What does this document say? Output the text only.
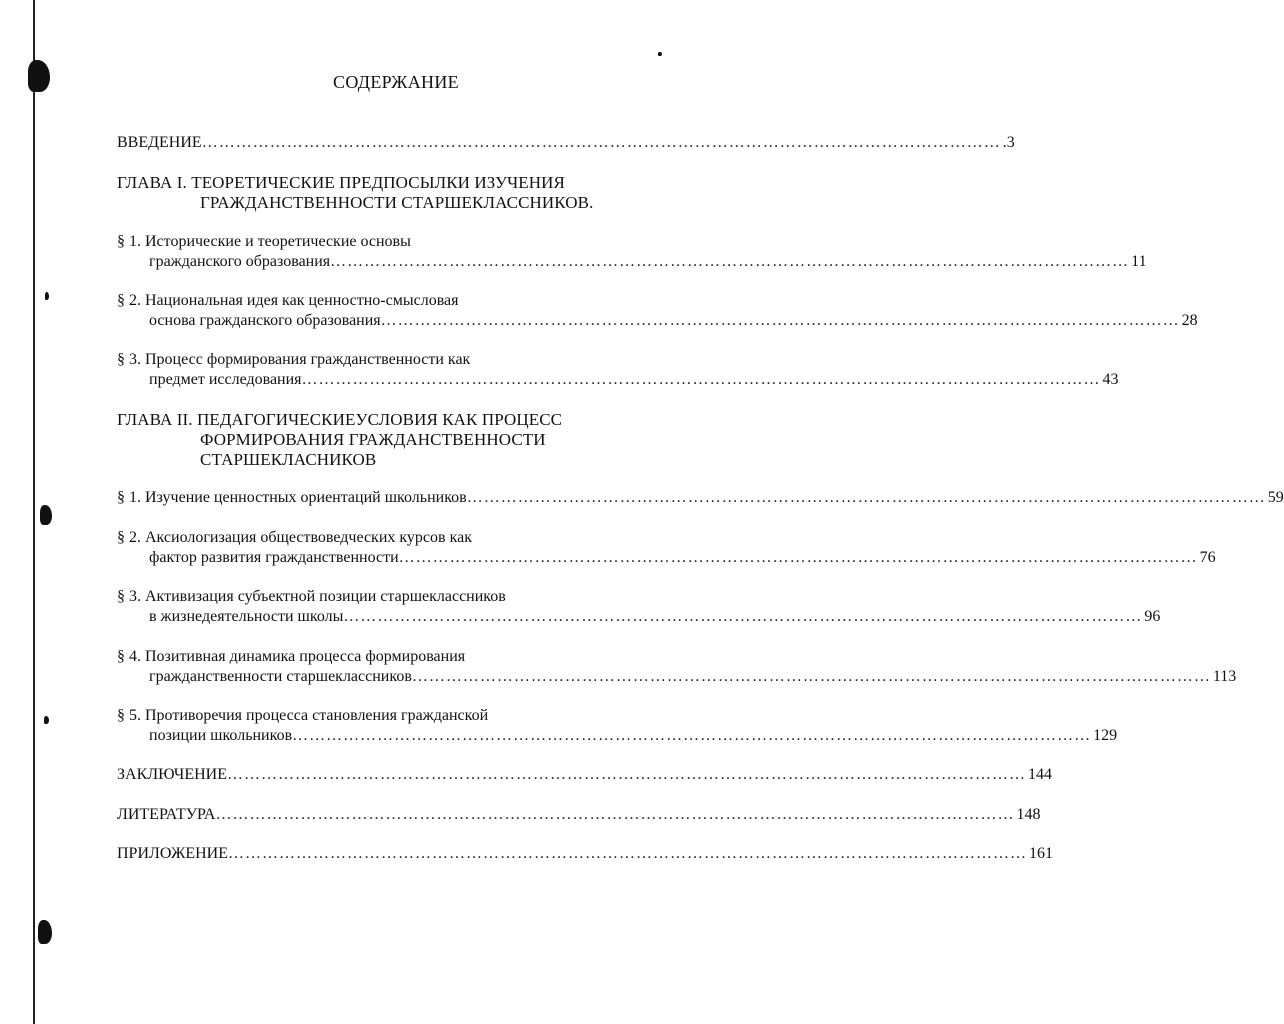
СОДЕРЖАНИЕ
ВВЕДЕНИЕ …………………………………………………………………………………………………………………………… .3
ГЛАВА I. ТЕОРЕТИЧЕСКИЕ ПРЕДПОСЫЛКИ ИЗУЧЕНИЯ
ГРАЖДАНСТВЕННОСТИ СТАРШЕКЛАССНИКОВ.
§ 1. Исторические и теоретические основы
гражданского образования …………………………………………………………………………………………………………………………… 11
§ 2. Национальная идея как ценностно-смысловая
основа гражданского образования …………………………………………………………………………………………………………………………… 28
§ 3. Процесс формирования гражданственности как
предмет исследования …………………………………………………………………………………………………………………………… 43
ГЛАВА II. ПЕДАГОГИЧЕСКИЕУСЛОВИЯ КАК ПРОЦЕСС
ФОРМИРОВАНИЯ ГРАЖДАНСТВЕННОСТИ
СТАРШЕКЛАСНИКОВ
§ 1. Изучение ценностных ориентаций школьников …………………………………………………………………………………………………………………………… 59
§ 2. Аксиологизация обществоведческих курсов как
фактор развития гражданственности …………………………………………………………………………………………………………………………… 76
§ 3. Активизация субъектной позиции старшеклассников
в жизнедеятельности школы …………………………………………………………………………………………………………………………… 96
§ 4. Позитивная динамика процесса формирования
гражданственности старшеклассников …………………………………………………………………………………………………………………………… 113
§ 5. Противоречия процесса становления гражданской
позиции школьников …………………………………………………………………………………………………………………………… 129
ЗАКЛЮЧЕНИЕ …………………………………………………………………………………………………………………………… 144
ЛИТЕРАТУРА …………………………………………………………………………………………………………………………… 148
ПРИЛОЖЕНИЕ …………………………………………………………………………………………………………………………… 161
